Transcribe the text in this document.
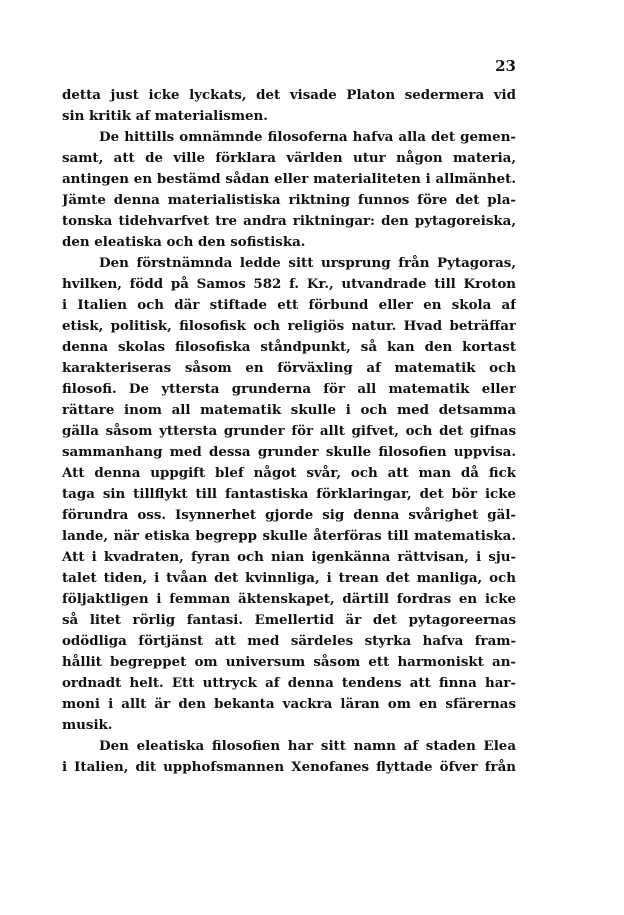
23
detta just icke lyckats, det visade Platon sedermera vid
sin kritik af materialismen.
De hittills omnämnde filosoferna hafva alla det gemen-
samt, att de ville förklara världen utur någon materia,
antingen en bestämd sådan eller materialiteten i allmänhet.
Jämte denna materialistiska riktning funnos före det pla-
tonska tidehvarfvet tre andra riktningar: den pytagoreiska,
den eleatiska och den sofistiska.
Den förstnämnda ledde sitt ursprung från Pytagoras,
hvilken, född på Samos 582 f. Kr., utvandrade till Kroton
i Italien och där stiftade ett förbund eller en skola af
etisk, politisk, filosofisk och religiös natur. Hvad beträffar
denna skolas filosofiska ståndpunkt, så kan den kortast
karakteriseras såsom en förväxling af matematik och
filosofi. De yttersta grunderna för all matematik eller
rättare inom all matematik skulle i och med detsamma
gälla såsom yttersta grunder för allt gifvet, och det gifnas
sammanhang med dessa grunder skulle filosofien uppvisa.
Att denna uppgift blef något svår, och att man då fick
taga sin tillflykt till fantastiska förklaringar, det bör icke
förundra oss. Isynnerhet gjorde sig denna svårighet gäl-
lande, när etiska begrepp skulle återföras till matematiska.
Att i kvadraten, fyran och nian igenkänna rättvisan, i sju-
talet tiden, i tvåan det kvinnliga, i trean det manliga, och
följaktligen i femman äktenskapet, därtill fordras en icke
så litet rörlig fantasi. Emellertid är det pytagoreernas
odödliga förtjänst att med särdeles styrka hafva fram-
hållit begreppet om universum såsom ett harmoniskt an-
ordnadt helt. Ett uttryck af denna tendens att finna har-
moni i allt är den bekanta vackra läran om en sfärernas
musik.
Den eleatiska filosofien har sitt namn af staden Elea
i Italien, dit upphofsmannen Xenofanes flyttade öfver från
